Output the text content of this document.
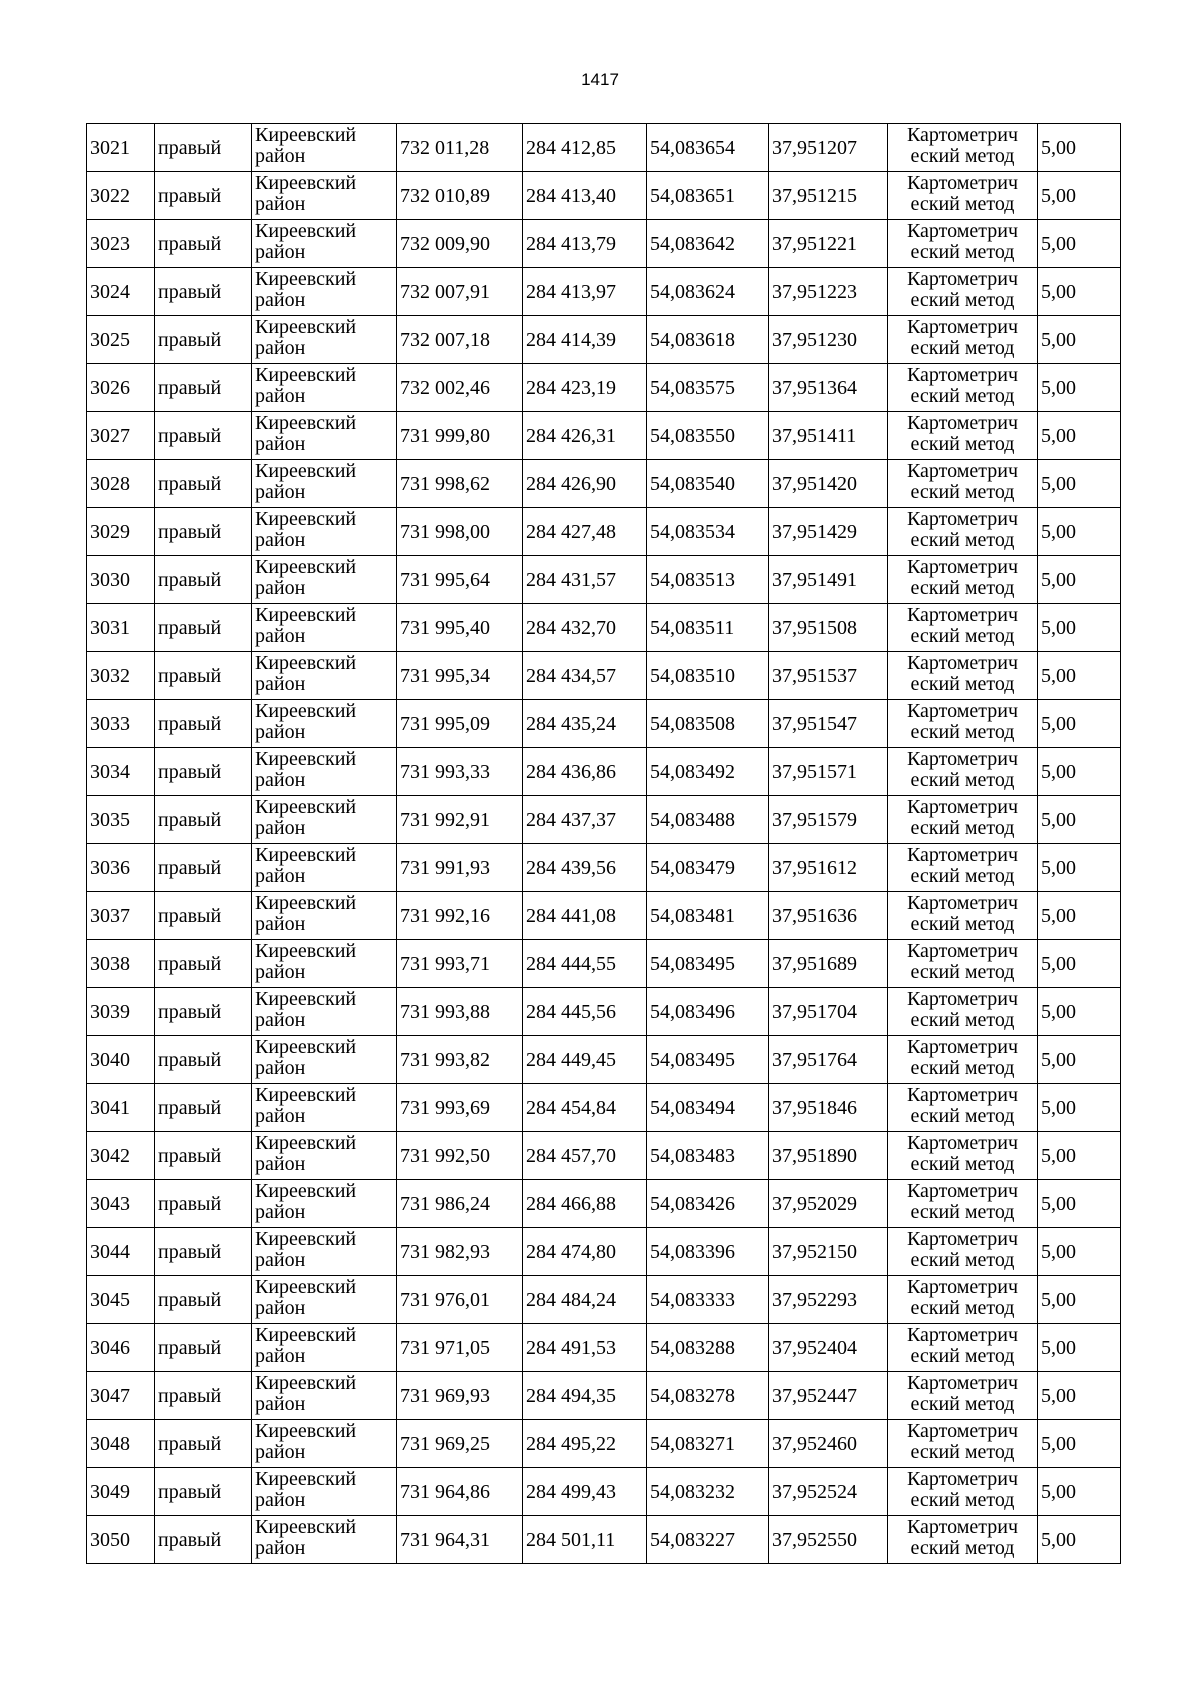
1417
3021	правый	Киреевский район	732 011,28	284 412,85	54,083654	37,951207	Картометрич еский метод	5,00
3022	правый	Киреевский район	732 010,89	284 413,40	54,083651	37,951215	Картометрич еский метод	5,00
3023	правый	Киреевский район	732 009,90	284 413,79	54,083642	37,951221	Картометрич еский метод	5,00
3024	правый	Киреевский район	732 007,91	284 413,97	54,083624	37,951223	Картометрич еский метод	5,00
3025	правый	Киреевский район	732 007,18	284 414,39	54,083618	37,951230	Картометрич еский метод	5,00
3026	правый	Киреевский район	732 002,46	284 423,19	54,083575	37,951364	Картометрич еский метод	5,00
3027	правый	Киреевский район	731 999,80	284 426,31	54,083550	37,951411	Картометрич еский метод	5,00
3028	правый	Киреевский район	731 998,62	284 426,90	54,083540	37,951420	Картометрич еский метод	5,00
3029	правый	Киреевский район	731 998,00	284 427,48	54,083534	37,951429	Картометрич еский метод	5,00
3030	правый	Киреевский район	731 995,64	284 431,57	54,083513	37,951491	Картометрич еский метод	5,00
3031	правый	Киреевский район	731 995,40	284 432,70	54,083511	37,951508	Картометрич еский метод	5,00
3032	правый	Киреевский район	731 995,34	284 434,57	54,083510	37,951537	Картометрич еский метод	5,00
3033	правый	Киреевский район	731 995,09	284 435,24	54,083508	37,951547	Картометрич еский метод	5,00
3034	правый	Киреевский район	731 993,33	284 436,86	54,083492	37,951571	Картометрич еский метод	5,00
3035	правый	Киреевский район	731 992,91	284 437,37	54,083488	37,951579	Картометрич еский метод	5,00
3036	правый	Киреевский район	731 991,93	284 439,56	54,083479	37,951612	Картометрич еский метод	5,00
3037	правый	Киреевский район	731 992,16	284 441,08	54,083481	37,951636	Картометрич еский метод	5,00
3038	правый	Киреевский район	731 993,71	284 444,55	54,083495	37,951689	Картометрич еский метод	5,00
3039	правый	Киреевский район	731 993,88	284 445,56	54,083496	37,951704	Картометрич еский метод	5,00
3040	правый	Киреевский район	731 993,82	284 449,45	54,083495	37,951764	Картометрич еский метод	5,00
3041	правый	Киреевский район	731 993,69	284 454,84	54,083494	37,951846	Картометрич еский метод	5,00
3042	правый	Киреевский район	731 992,50	284 457,70	54,083483	37,951890	Картометрич еский метод	5,00
3043	правый	Киреевский район	731 986,24	284 466,88	54,083426	37,952029	Картометрич еский метод	5,00
3044	правый	Киреевский район	731 982,93	284 474,80	54,083396	37,952150	Картометрич еский метод	5,00
3045	правый	Киреевский район	731 976,01	284 484,24	54,083333	37,952293	Картометрич еский метод	5,00
3046	правый	Киреевский район	731 971,05	284 491,53	54,083288	37,952404	Картометрич еский метод	5,00
3047	правый	Киреевский район	731 969,93	284 494,35	54,083278	37,952447	Картометрич еский метод	5,00
3048	правый	Киреевский район	731 969,25	284 495,22	54,083271	37,952460	Картометрич еский метод	5,00
3049	правый	Киреевский район	731 964,86	284 499,43	54,083232	37,952524	Картометрич еский метод	5,00
3050	правый	Киреевский район	731 964,31	284 501,11	54,083227	37,952550	Картометрич еский метод	5,00
